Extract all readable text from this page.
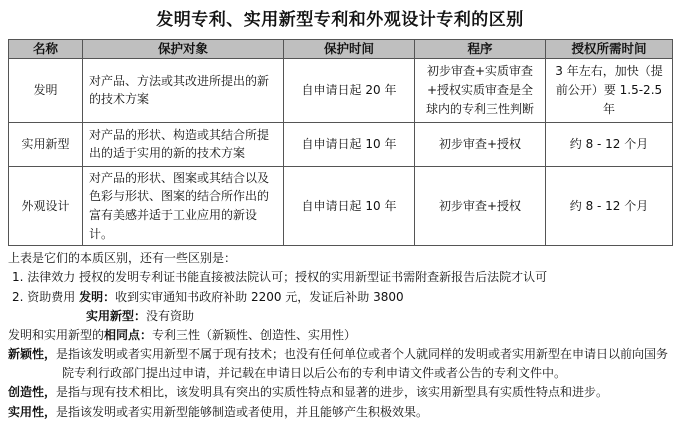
发明专利、实用新型专利和外观设计专利的区别
名称	保护对象	保护时间	程序	授权所需时间
发明	对产品、方法或其改进所提出的新的技术方案	自申请日起 20 年	初步审查+实质审查+授权实质审查是全球内的专利三性判断	3 年左右，加快（提前公开）要 1.5-2.5 年
实用新型	对产品的形状、构造或其结合所提出的适于实用的新的技术方案	自申请日起 10 年	初步审查+授权	约 8 - 12 个月
外观设计	对产品的形状、图案或其结合以及色彩与形状、图案的结合所作出的富有美感并适于工业应用的新设计。	自申请日起 10 年	初步审查+授权	约 8 - 12 个月

上表是它们的本质区别，还有一些区别是：

1. 法律效力 授权的发明专利证书能直接被法院认可；授权的实用新型证书需附查新报告后法院才认可

2. 资助费用 发明：收到实审通知书政府补助 2200 元，发证后补助 3800

实用新型：没有资助

发明和实用新型的相同点：专利三性（新颖性、创造性、实用性）

新颖性，是指该发明或者实用新型不属于现有技术；也没有任何单位或者个人就同样的发明或者实用新型在申请日以前向国务院专利行政部门提出过申请，并记载在申请日以后公布的专利申请文件或者公告的专利文件中。

创造性，是指与现有技术相比，该发明具有突出的实质性特点和显著的进步，该实用新型具有实质性特点和进步。

实用性，是指该发明或者实用新型能够制造或者使用，并且能够产生积极效果。
